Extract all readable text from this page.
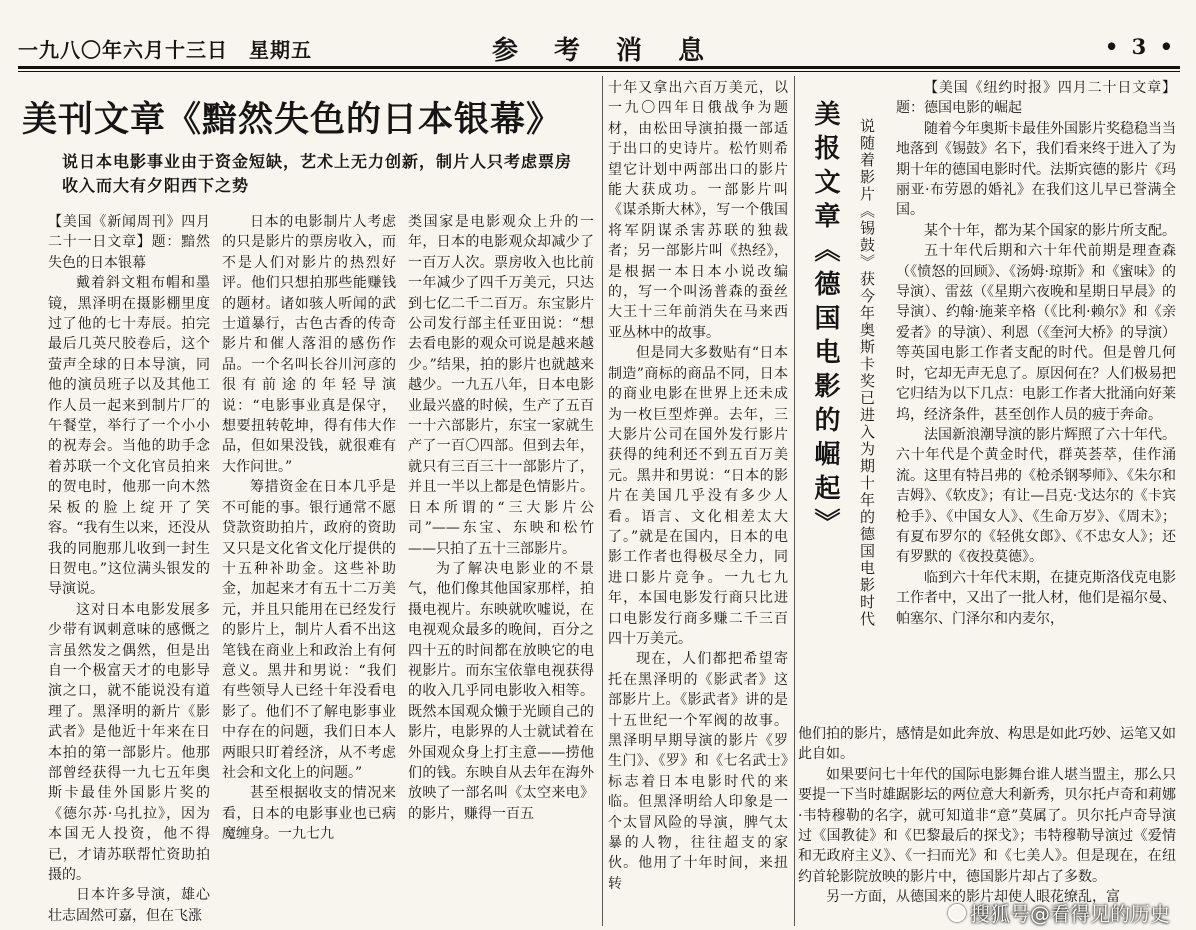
一九八〇年六月十三日　星期五	参考消息	• 3 •
美刊文章《黯然失色的日本银幕》
说日本电影事业由于资金短缺，艺术上无力创新，制片人只考虑票房收入而大有夕阳西下之势

【美国《新闻周刊》四月二十一日文章】题：黯然失色的日本银幕

戴着斜文粗布帽和墨镜，黑泽明在摄影棚里度过了他的七十寿辰。拍完最后几英尺胶卷后，这个萤声全球的日本导演，同他的演员班子以及其他工作人员一起来到制片厂的午餐堂，举行了一个小小的祝寿会。当他的助手念着苏联一个文化官员拍来的贺电时，他那一向木然呆板的脸上绽开了笑容。“我有生以来，还没从我的同胞那儿收到一封生日贺电。”这位满头银发的导演说。

这对日本电影发展多少带有讽刺意味的感慨之言虽然发之偶然，但是出自一个极富天才的电影导演之口，就不能说没有道理了。黑泽明的新片《影武者》是他近十年来在日本拍的第一部影片。他那部曾经获得一九七五年奥斯卡最佳外国影片奖的《德尔苏·乌扎拉》，因为本国无人投资，他不得已，才请苏联帮忙资助拍摄的。

日本许多导演，雄心壮志固然可嘉，但在飞涨

日本的电影制片人考虑的只是影片的票房收入，而不是人们对影片的热烈好评。他们只想拍那些能赚钱的题材。诸如骇人听闻的武士道暴行，古色古香的传奇影片和催人落泪的感伤作品。一个名叫长谷川河彦的很有前途的年轻导演说：“电影事业真是保守，想要扭转乾坤，得有伟大作品，但如果没钱，就很难有大作问世。”

筹措资金在日本几乎是不可能的事。银行通常不愿贷款资助拍片，政府的资助又只是文化省文化厅提供的十五种补助金。这些补助金，加起来才有五十二万美元，并且只能用在已经发行的影片上，制片人看不出这笔钱在商业上和政治上有何意义。黑井和男说：“我们有些领导人已经十年没看电影了。他们不了解电影事业中存在的问题，我们日本人两眼只盯着经济，从不考虑社会和文化上的问题。”

甚至根据收支的情况来看，日本的电影事业也已病魔缠身。一九七九

类国家是电影观众上升的一年，日本的电影观众却减少了一百万人次。票房收入也比前一年减少了四千万美元，只达到七亿二千二百万。东宝影片公司发行部主任亚田说：“想去看电影的观众可说是越来越少。”结果，拍的影片也就越来越少。一九五八年，日本电影业最兴盛的时候，生产了五百一十六部影片，东宝一家就生产了一百〇四部。但到去年，就只有三百三十一部影片了，并且一半以上都是色情影片。日本所谓的“三大影片公司”——东宝、东映和松竹——只拍了五十三部影片。

为了解决电影业的不景气，他们像其他国家那样，拍摄电视片。东映就吹嘘说，在电视观众最多的晚间，百分之四十五的时间都在放映它的电视影片。而东宝依靠电视获得的收入几乎同电影收入相等。既然本国观众懒于光顾自己的影片，电影界的人士就试着在外国观众身上打主意——捞他们的钱。东映自从去年在海外放映了一部名叫《太空来电》的影片，赚得一百五

十年又拿出六百万美元，以一九〇四年日俄战争为题材，由松田导演拍摄一部适于出口的史诗片。松竹则希望它计划中两部出口的影片能大获成功。一部影片叫《谋杀斯大林》，写一个俄国将军阴谋杀害苏联的独裁者；另一部影片叫《热经》，是根据一本日本小说改编的，写一个叫汤普森的蚕丝大王十三年前消失在马来西亚丛林中的故事。

但是同大多数贴有“日本制造”商标的商品不同，日本的商业电影在世界上还未成为一枚巨型炸弹。去年，三大影片公司在国外发行影片获得的纯利还不到五百万美元。黑井和男说：“日本的影片在美国几乎没有多少人看。语言、文化相差太大了。”就是在国内，日本的电影工作者也得极尽全力，同进口影片竞争。一九七九年，本国电影发行商只比进口电影发行商多赚二千三百四十万美元。

现在，人们都把希望寄托在黑泽明的《影武者》这部影片上。《影武者》讲的是十五世纪一个军阀的故事。黑泽明早期导演的影片《罗生门》、《罗》和《七名武士》标志着日本电影时代的来临。但黑泽明给人印象是一个太冒风险的导演，脾气太暴的人物，往往超支的家伙。他用了十年时间，来扭转

美报文章《德国电影的崛起》	说随着影片《锡鼓》获今年奥斯卡奖已进入为期十年的德国电影时代

【美国《纽约时报》四月二十日文章】题：德国电影的崛起

随着今年奥斯卡最佳外国影片奖稳稳当当地落到《锡鼓》名下，我们看来终于进入了为期十年的德国电影时代。法斯宾德的影片《玛丽亚·布劳恩的婚礼》在我们这儿早已誉满全国。

某个十年，都为某个国家的影片所支配。

五十年代后期和六十年代前期是理查森（《愤怒的回顾》、《汤姆·琼斯》和《蜜味》的导演）、雷兹（《星期六夜晚和星期日早晨》的导演）、约翰·施莱辛格（《比利·赖尔》和《亲爱者》的导演）、利恩（《奎河大桥》的导演）等英国电影工作者支配的时代。但是曾几何时，它却无声无息了。原因何在？人们极易把它归结为以下几点：电影工作者大批涌向好莱坞，经济条件，甚至创作人员的疲于奔命。

法国新浪潮导演的影片辉照了六十年代。六十年代是个黄金时代，群英荟萃，佳作涌流。这里有特吕弗的《枪杀钢琴师》、《朱尔和吉姆》、《软皮》；有让—吕克·戈达尔的《卡宾枪手》、《中国女人》、《生命万岁》、《周末》；有夏布罗尔的《轻佻女郎》、《不忠女人》；还有罗默的《夜投莫德》。

临到六十年代末期，在捷克斯洛伐克电影工作者中，又出了一批人材，他们是福尔曼、帕塞尔、门泽尔和内麦尔，

他们拍的影片，感情是如此奔放、构思是如此巧妙、运笔又如此自如。

如果要问七十年代的国际电影舞台谁人堪当盟主，那么只要提一下当时雄踞影坛的两位意大利新秀，贝尔托卢奇和莉娜·韦特穆勒的名字，就可知道非“意”莫属了。贝尔托卢奇导演过《国教徒》和《巴黎最后的探戈》；韦特穆勒导演过《爱情和无政府主义》、《一扫而光》和《七美人》。但是现在，在纽约首轮影院放映的影片中，德国影片却占了多数。

另一方面，从德国来的影片却使人眼花缭乱，富

搜狐号@看得见的历史
